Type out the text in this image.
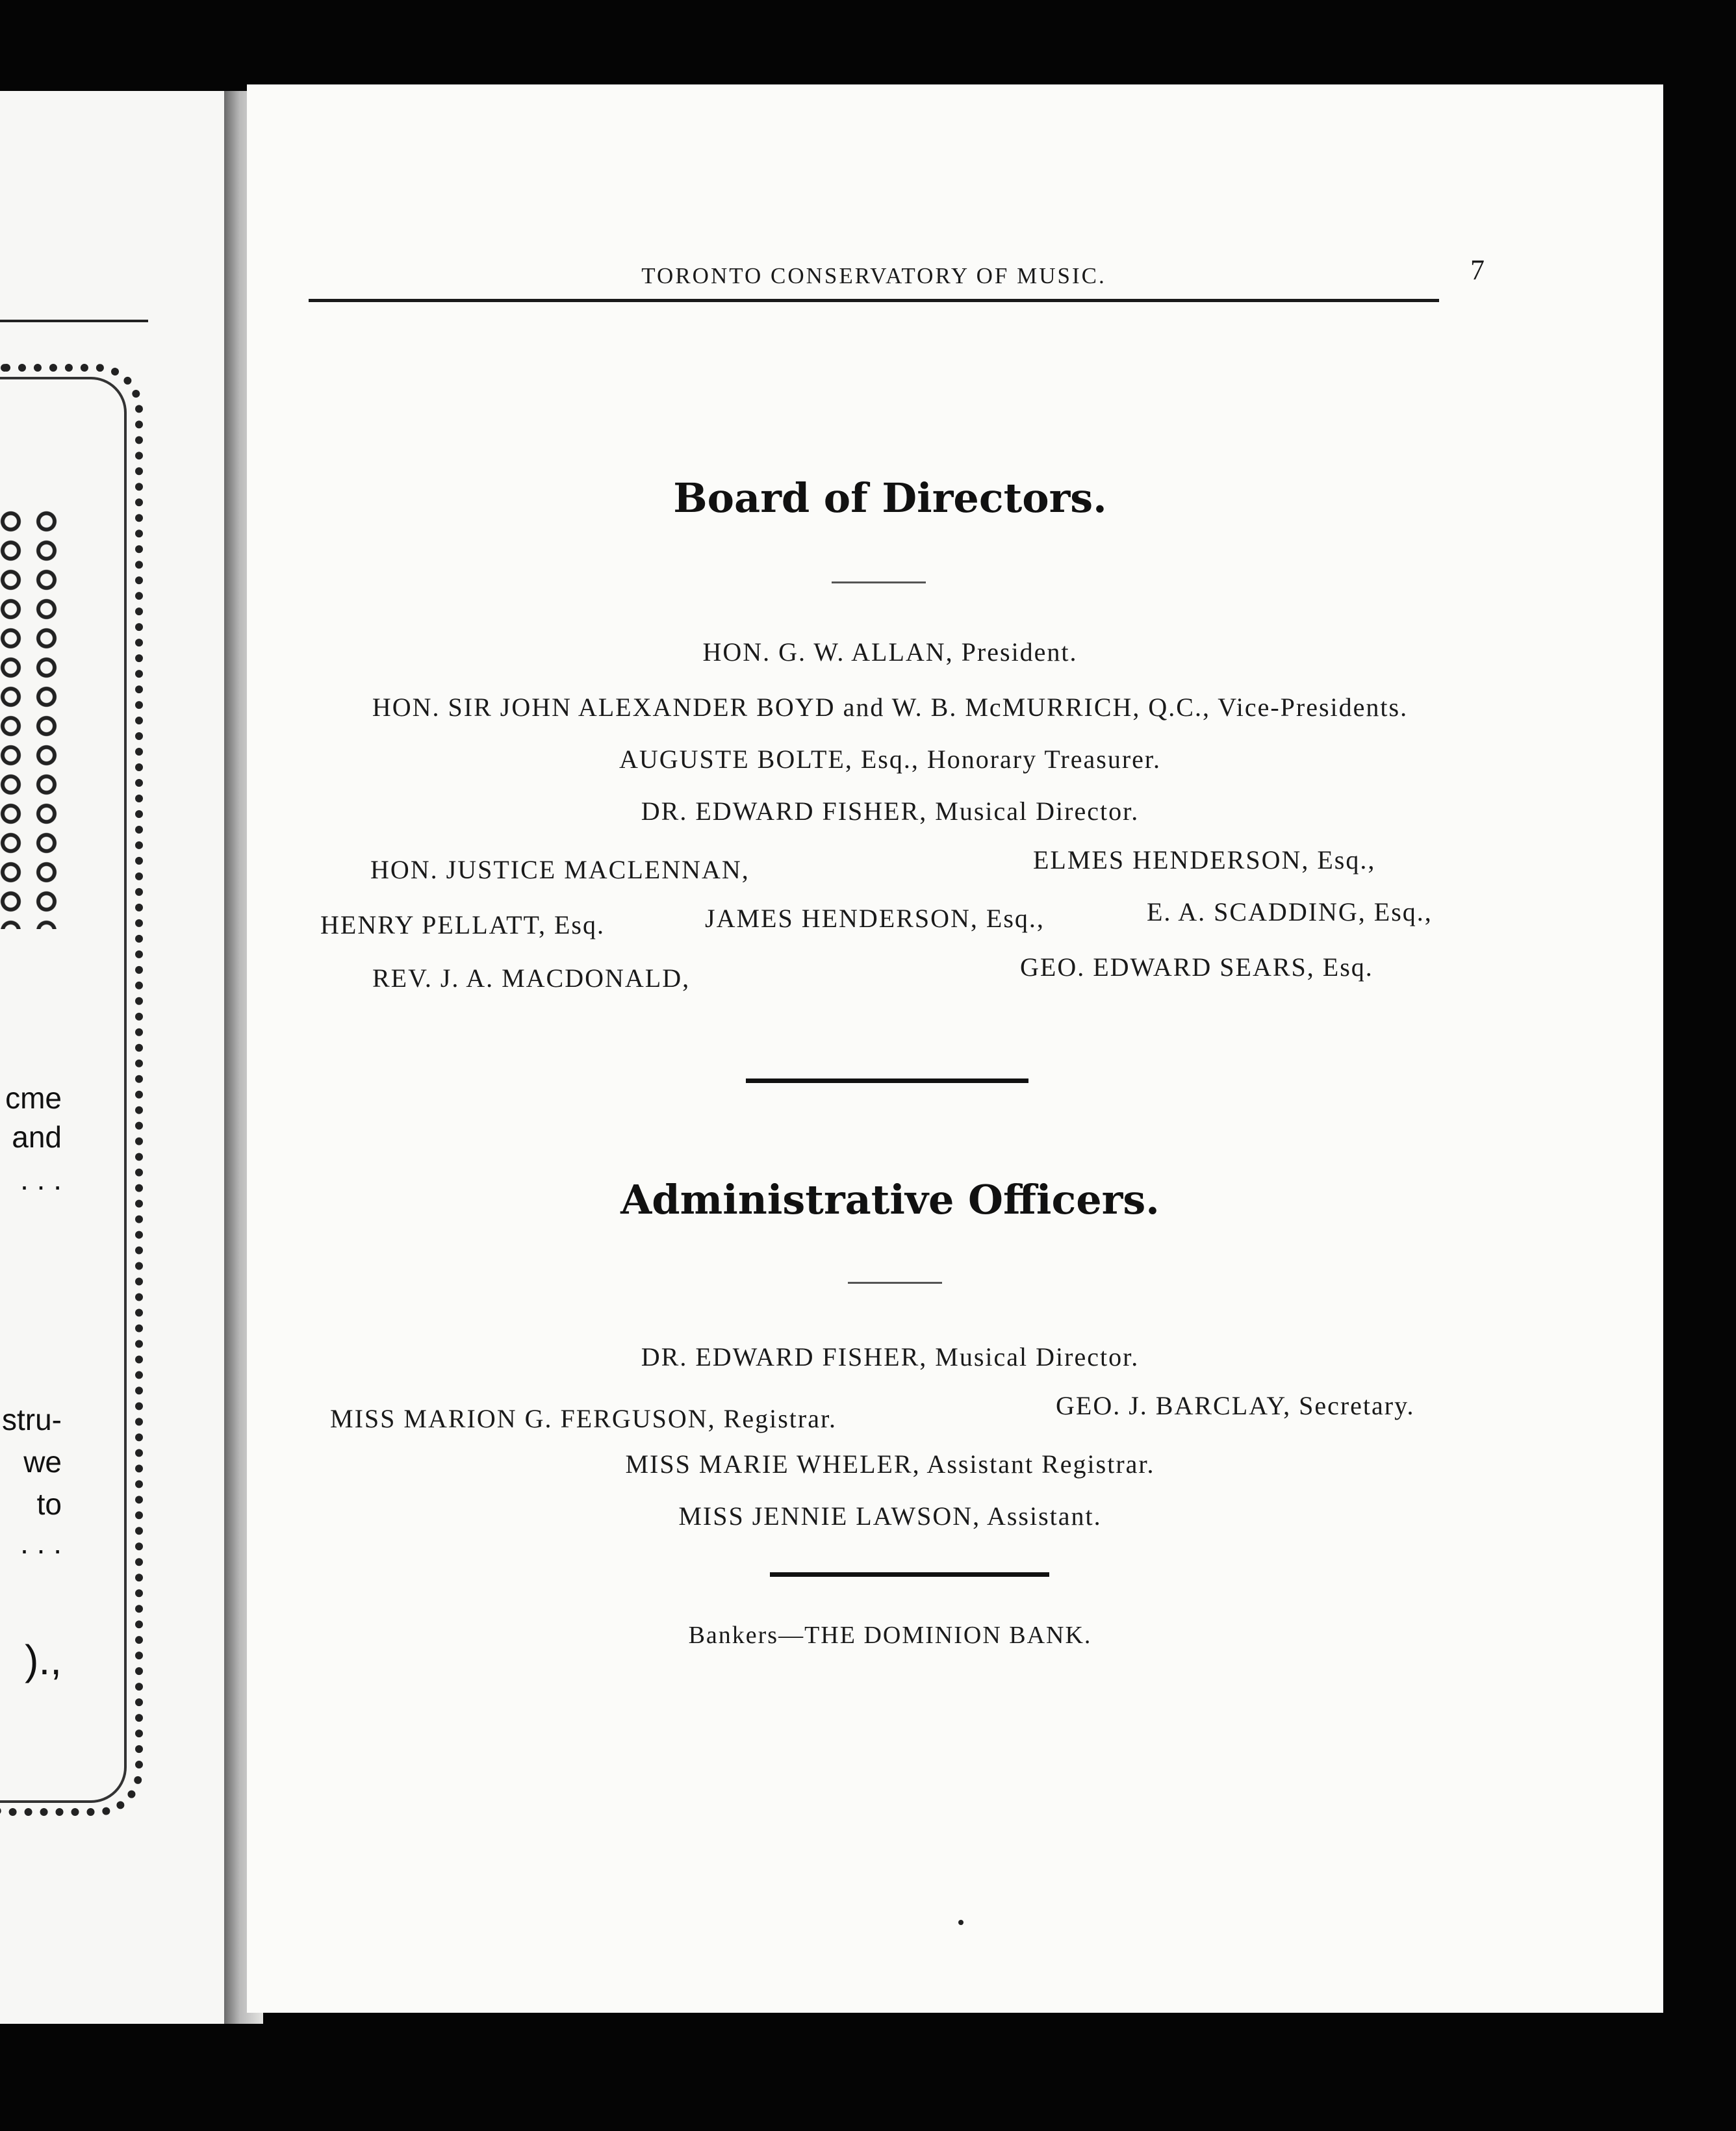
cme
and
. . .
stru-
we
to
. . .
).,
TORONTO CONSERVATORY OF MUSIC.	7
Board of Directors.
HON. G. W. ALLAN, President.
HON. SIR JOHN ALEXANDER BOYD and W. B. McMURRICH, Q.C., Vice-Presidents.
AUGUSTE BOLTE, Esq., Honorary Treasurer.
DR. EDWARD FISHER, Musical Director.
HON. JUSTICE MACLENNAN,	ELMES HENDERSON, Esq.,
HENRY PELLATT, Esq.	JAMES HENDERSON, Esq.,	E. A. SCADDING, Esq.,
REV. J. A. MACDONALD,	GEO. EDWARD SEARS, Esq.
Administrative Officers.
DR. EDWARD FISHER, Musical Director.
MISS MARION G. FERGUSON, Registrar.	GEO. J. BARCLAY, Secretary.
MISS MARIE WHELER, Assistant Registrar.
MISS JENNIE LAWSON, Assistant.
Bankers—THE DOMINION BANK.
